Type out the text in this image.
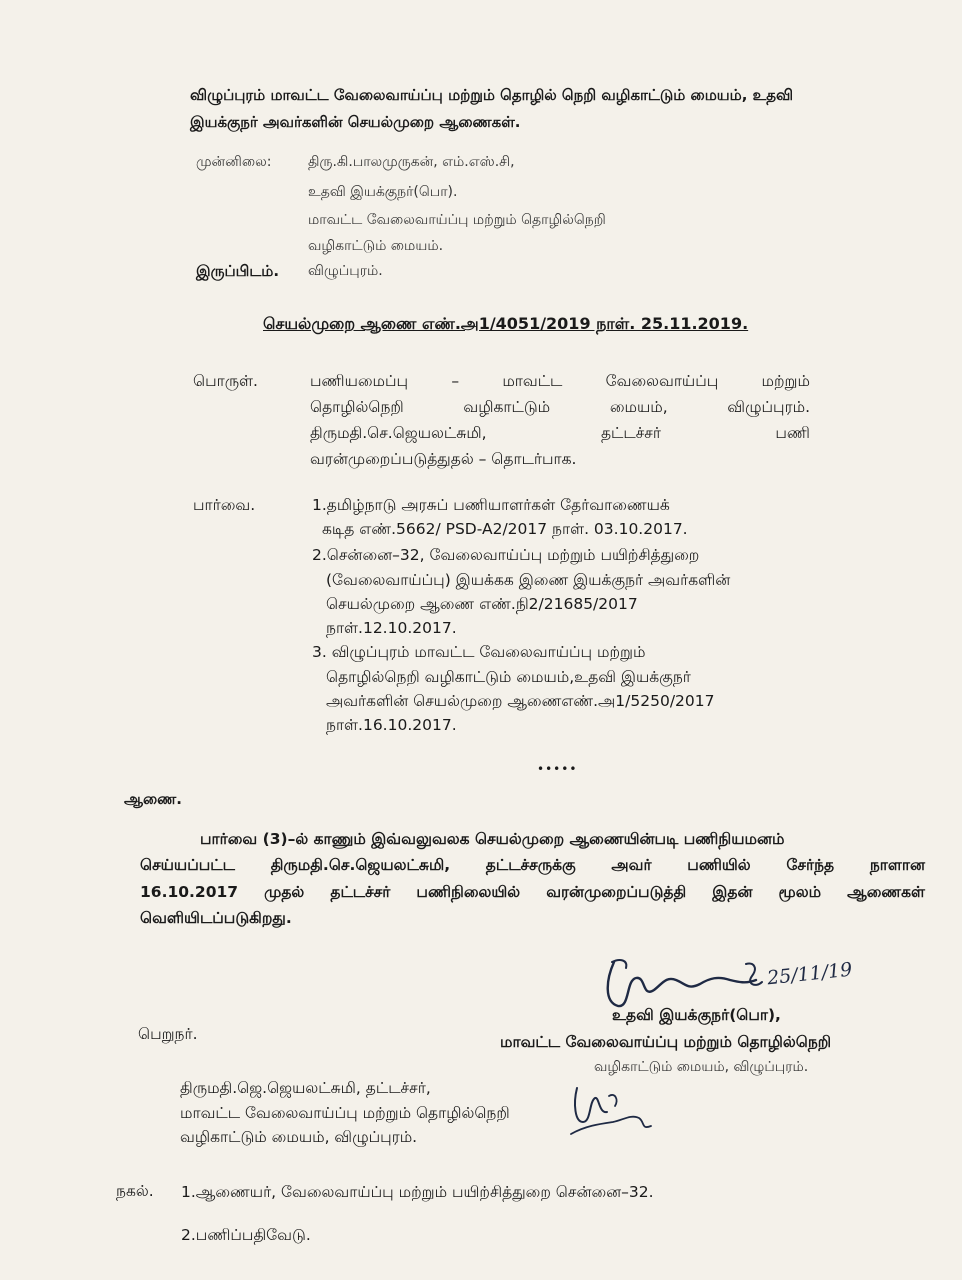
விழுப்புரம் மாவட்ட வேலைவாய்ப்பு மற்றும் தொழில் நெறி வழிகாட்டும் மையம், உதவி
இயக்குநர் அவர்களின் செயல்முறை ஆணைகள்.
முன்னிலை:	திரு.கி.பாலமுருகன், எம்.எஸ்.சி,
உதவி இயக்குநர்(பொ).
மாவட்ட வேலைவாய்ப்பு மற்றும் தொழில்நெறி
வழிகாட்டும் மையம்.
இருப்பிடம். விழுப்புரம்.
செயல்முறை ஆணை எண்.அ1/4051/2019 நாள். 25.11.2019.
பொருள்.	பணியமைப்பு – மாவட்ட வேலைவாய்ப்பு மற்றும்
தொழில்நெறி வழிகாட்டும் மையம், விழுப்புரம்.
திருமதி.செ.ஜெயலட்சுமி, தட்டச்சர் பணி
வரன்முறைப்படுத்துதல் – தொடர்பாக.
பார்வை.	1.தமிழ்நாடு அரசுப் பணியாளர்கள் தேர்வாணையக்
கடித எண்.5662/ PSD-A2/2017 நாள். 03.10.2017.
2.சென்னை–32, வேலைவாய்ப்பு மற்றும் பயிற்சித்துறை
(வேலைவாய்ப்பு) இயக்கக இணை இயக்குநர் அவர்களின்
செயல்முறை ஆணை எண்.நி2/21685/2017
நாள்.12.10.2017.
3. விழுப்புரம் மாவட்ட வேலைவாய்ப்பு மற்றும்
தொழில்நெறி வழிகாட்டும் மையம்,உதவி இயக்குநர்
அவர்களின் செயல்முறை ஆணைஎண்.அ1/5250/2017
நாள்.16.10.2017.
•••••
ஆணை.
பார்வை (3)–ல் காணும் இவ்வலுவலக செயல்முறை ஆணையின்படி பணிநியமனம்
செய்யப்பட்ட திருமதி.செ.ஜெயலட்சுமி, தட்டச்சருக்கு அவர் பணியில் சேர்ந்த நாளான
16.10.2017 முதல் தட்டச்சர் பணிநிலையில் வரன்முறைப்படுத்தி இதன் மூலம் ஆணைகள்
வெளியிடப்படுகிறது.
25/11/19
உதவி இயக்குநர்(பொ),
மாவட்ட வேலைவாய்ப்பு மற்றும் தொழில்நெறி
வழிகாட்டும் மையம், விழுப்புரம்.
பெறுநர்.
திருமதி.ஜெ.ஜெயலட்சுமி, தட்டச்சர்,
மாவட்ட வேலைவாய்ப்பு மற்றும் தொழில்நெறி
வழிகாட்டும் மையம், விழுப்புரம்.
நகல். 1.ஆணையர், வேலைவாய்ப்பு மற்றும் பயிற்சித்துறை சென்னை–32.
2.பணிப்பதிவேடு.
